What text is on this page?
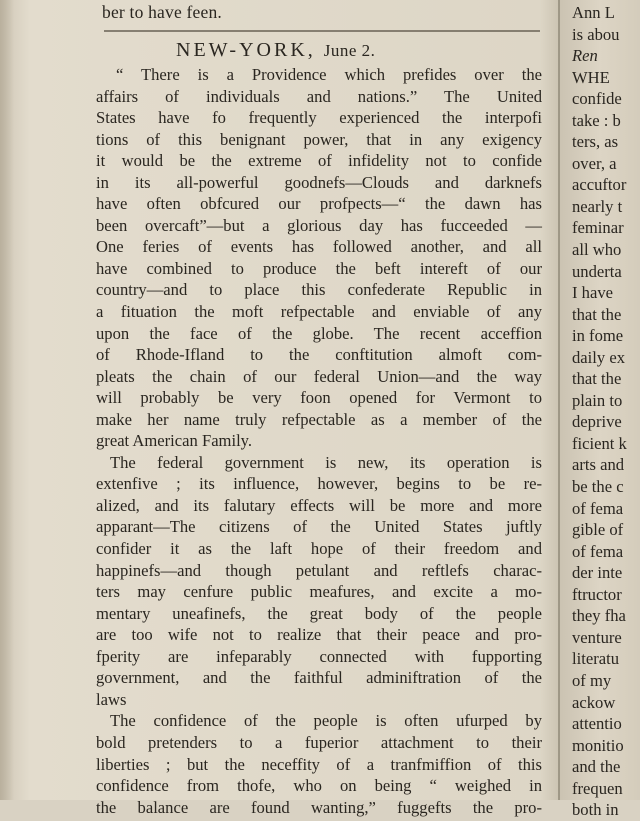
ber to have feen.
NEW-YORK, June 2.
“ There is a Providence which prefides over the
affairs of individuals and nations.” The United
States have fo frequently experienced the interpofi
tions of this benignant power, that in any exigency
it would be the extreme of infidelity not to confide
in its all-powerful goodnefs—Clouds and darknefs
have often obfcured our profpects—“ the dawn has
been overcaft”—but a glorious day has fucceeded —
One feries of events has followed another, and all
have combined to produce the beft intereft of our
country—and to place this confederate Republic in
a fituation the moft refpectable and enviable of any
upon the face of the globe. The recent acceffion
of Rhode-Ifland to the conftitution almoft com-
pleats the chain of our federal Union—and the way
will probably be very foon opened for Vermont to
make her name truly refpectable as a member of the
great American Family.
The federal government is new, its operation is
extenfive ; its influence, however, begins to be re-
alized, and its falutary effects will be more and more
apparant—The citizens of the United States juftly
confider it as the laft hope of their freedom and
happinefs—and though petulant and reftlefs charac-
ters may cenfure public meafures, and excite a mo-
mentary uneafinefs, the great body of the people
are too wife not to realize that their peace and pro-
fperity are infeparably connected with fupporting
government, and the faithful adminiftration of the
laws
The confidence of the people is often ufurped by
bold pretenders to a fuperior attachment to their
liberties ; but the neceffity of a tranfmiffion of this
confidence from thofe, who on being “ weighed in
the balance are found wanting,” fuggefts the pro-
Ann L
is abou
Ren
WHE
confide
take : b
ters, as
over, a
accuftor
nearly t
feminar
all who
underta
I have
that the
in fome
daily ex
that the
plain to
deprive
ficient k
arts and
be the c
of fema
gible of
of fema
der inte
ftructor
they fha
venture
literatu
of my
ackow
attentio
monitio
and the
frequen
both in
